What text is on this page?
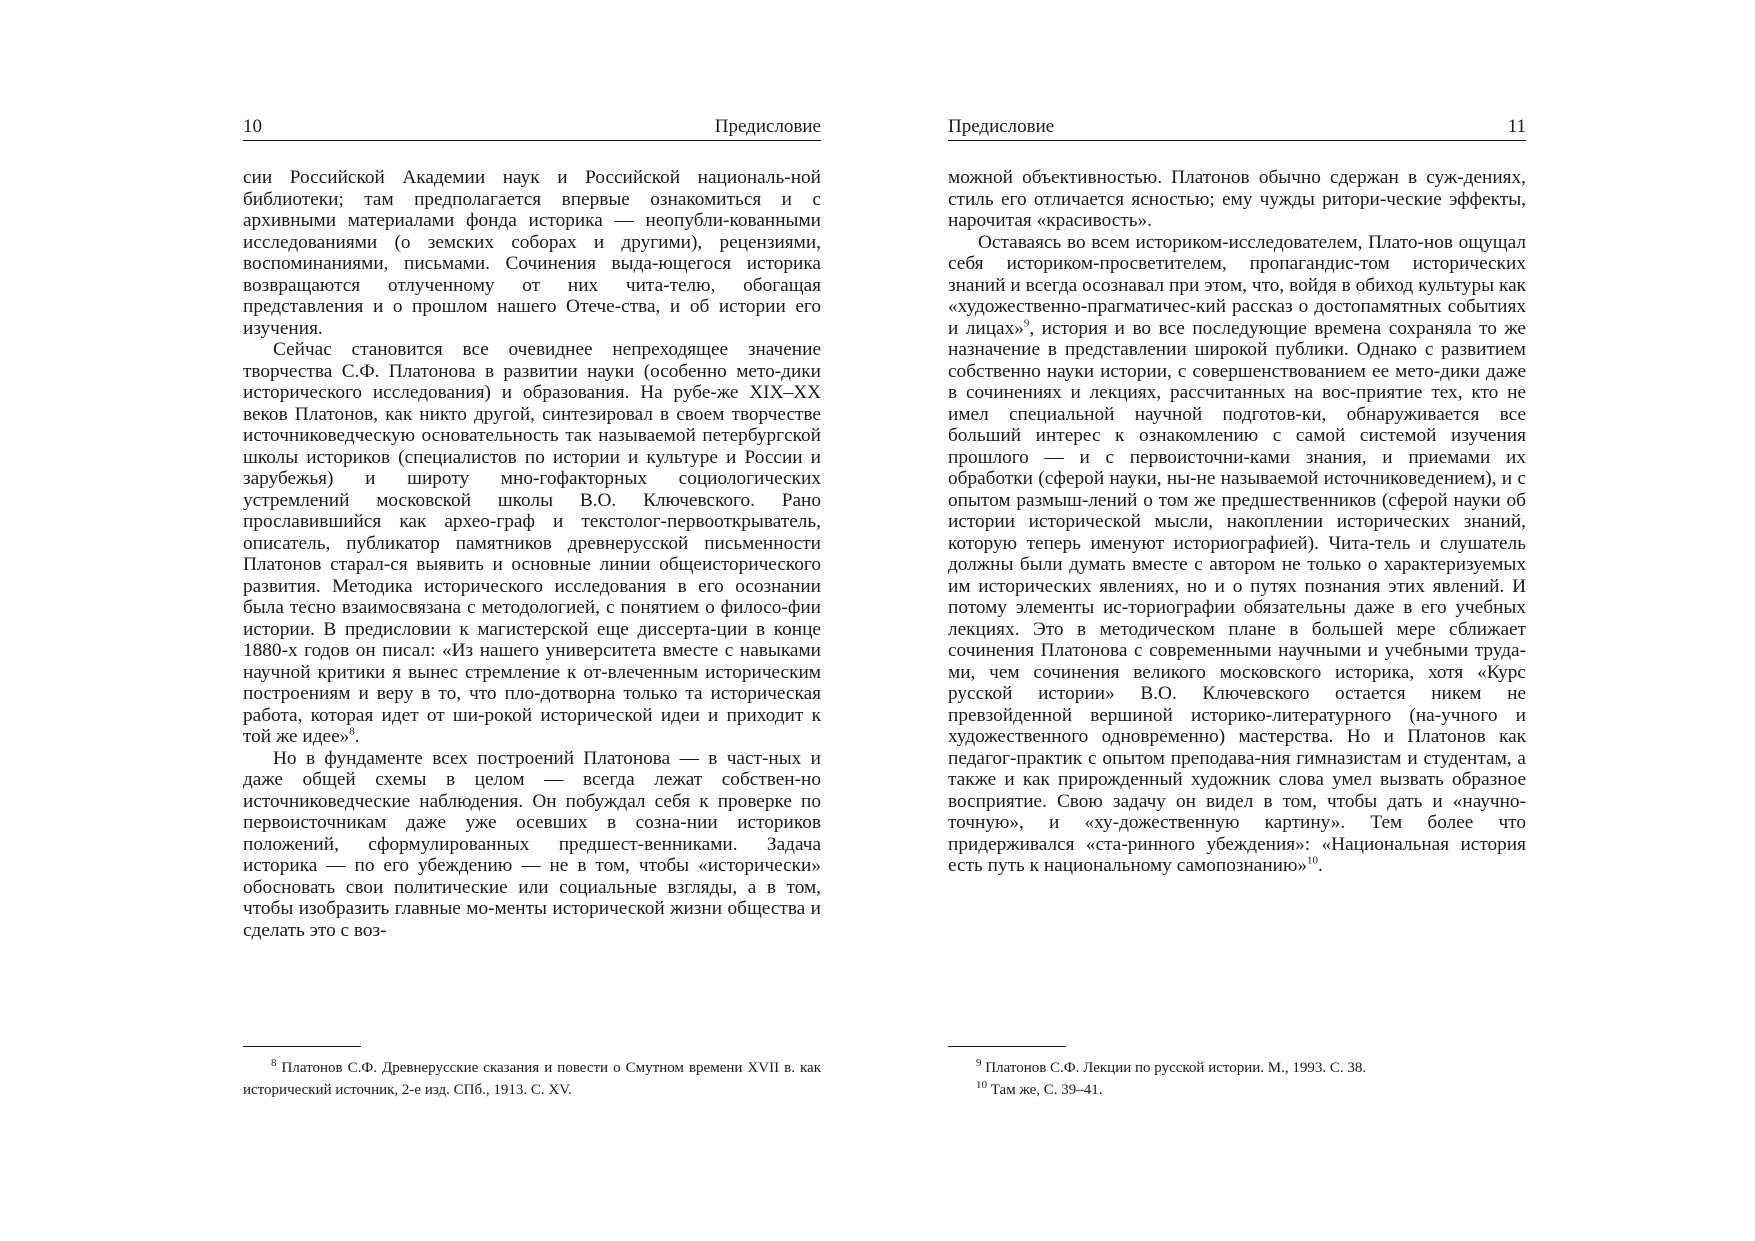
10	Предисловие

сии Российской Академии наук и Российской националь-ной библиотеки; там предполагается впервые ознакомиться и с архивными материалами фонда историка — неопубли-кованными исследованиями (о земских соборах и другими), рецензиями, воспоминаниями, письмами. Сочинения выда-ющегося историка возвращаются отлученному от них чита-телю, обогащая представления и о прошлом нашего Отече-ства, и об истории его изучения.

Сейчас становится все очевиднее непреходящее значение творчества С.Ф. Платонова в развитии науки (особенно мето-дики исторического исследования) и образования. На рубе-же XIX–XX веков Платонов, как никто другой, синтезировал в своем творчестве источниковедческую основательность так называемой петербургской школы историков (специалистов по истории и культуре и России и зарубежья) и широту мно-гофакторных социологических устремлений московской школы В.О. Ключевского. Рано прославившийся как архео-граф и текстолог-первооткрыватель, описатель, публикатор памятников древнерусской письменности Платонов старал-ся выявить и основные линии общеисторического развития. Методика исторического исследования в его осознании была тесно взаимосвязана с методологией, с понятием о филосо-фии истории. В предисловии к магистерской еще диссерта-ции в конце 1880-х годов он писал: «Из нашего университета вместе с навыками научной критики я вынес стремление к от-влеченным историческим построениям и веру в то, что пло-дотворна только та историческая работа, которая идет от ши-рокой исторической идеи и приходит к той же идее»$^8$.

Но в фундаменте всех построений Платонова — в част-ных и даже общей схемы в целом — всегда лежат собствен-но источниковедческие наблюдения. Он побуждал себя к проверке по первоисточникам даже уже осевших в созна-нии историков положений, сформулированных предшест-венниками. Задача историка — по его убеждению — не в том, чтобы «исторически» обосновать свои политические или социальные взгляды, а в том, чтобы изобразить главные мо-менты исторической жизни общества и сделать это с воз-

$^8$ Платонов С.Ф. Древнерусские сказания и повести о Смутном времени XVII в. как исторический источник, 2-е изд. СПб., 1913. С. XV.

Предисловие	11

можной объективностью. Платонов обычно сдержан в суж-дениях, стиль его отличается ясностью; ему чужды ритори-ческие эффекты, нарочитая «красивость».

Оставаясь во всем историком-исследователем, Плато-нов ощущал себя историком-просветителем, пропагандис-том исторических знаний и всегда осознавал при этом, что, войдя в обиход культуры как «художественно-прагматичес-кий рассказ о достопамятных событиях и лицах»$^9$, история и во все последующие времена сохраняла то же назначение в представлении широкой публики. Однако с развитием собственно науки истории, с совершенствованием ее мето-дики даже в сочинениях и лекциях, рассчитанных на вос-приятие тех, кто не имел специальной научной подготов-ки, обнаруживается все больший интерес к ознакомлению с самой системой изучения прошлого — и с первоисточни-ками знания, и приемами их обработки (сферой науки, ны-не называемой источниковедением), и с опытом размыш-лений о том же предшественников (сферой науки об истории исторической мысли, накоплении исторических знаний, которую теперь именуют историографией). Чита-тель и слушатель должны были думать вместе с автором не только о характеризуемых им исторических явлениях, но и о путях познания этих явлений. И потому элементы ис-ториографии обязательны даже в его учебных лекциях. Это в методическом плане в большей мере сближает сочинения Платонова с современными научными и учебными труда-ми, чем сочинения великого московского историка, хотя «Курс русской истории» В.О. Ключевского остается никем не превзойденной вершиной историко-литературного (на-учного и художественного одновременно) мастерства. Но и Платонов как педагог-практик с опытом преподава-ния гимназистам и студентам, а также и как прирожденный художник слова умел вызвать образное восприятие. Свою задачу он видел в том, чтобы дать и «научно-точную», и «ху-дожественную картину». Тем более что придерживался «ста-ринного убеждения»: «Национальная история есть путь к национальному самопознанию»$^{10}$.

$^9$ Платонов С.Ф. Лекции по русской истории. М., 1993. С. 38.

$^{10}$ Там же, С. 39–41.
